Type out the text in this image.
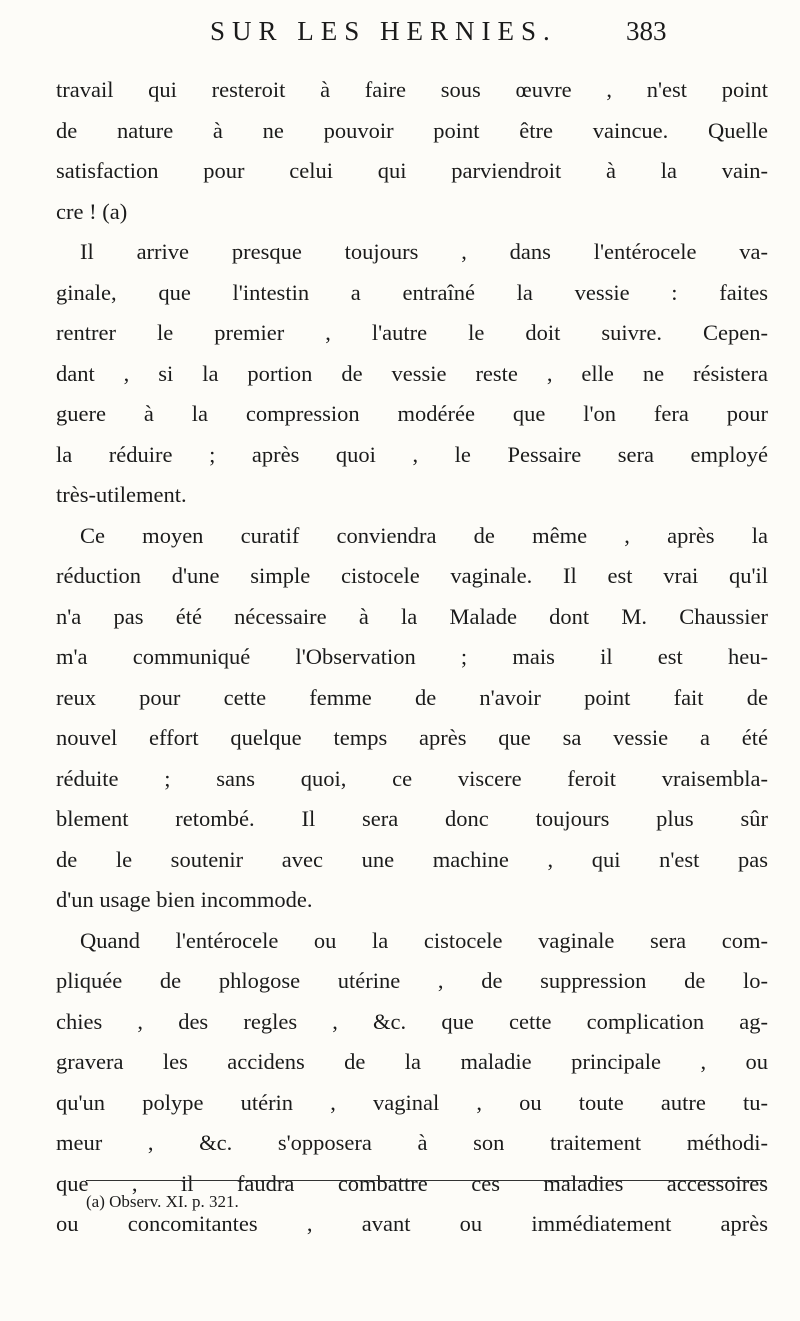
SUR LES HERNIES.	383
travail qui resteroit à faire sous œuvre , n'est point
de nature à ne pouvoir point être vaincue. Quelle
satisfaction pour celui qui parviendroit à la vain-
cre ! (a)
Il arrive presque toujours , dans l'entérocele va-
ginale, que l'intestin a entraîné la vessie : faites
rentrer le premier , l'autre le doit suivre. Cepen-
dant , si la portion de vessie reste , elle ne résistera
guere à la compression modérée que l'on fera pour
la réduire ; après quoi , le Pessaire sera employé
très-utilement.
Ce moyen curatif conviendra de même , après la
réduction d'une simple cistocele vaginale. Il est vrai qu'il
n'a pas été nécessaire à la Malade dont M. Chaussier
m'a communiqué l'Observation ; mais il est heu-
reux pour cette femme de n'avoir point fait de
nouvel effort quelque temps après que sa vessie a été
réduite ; sans quoi, ce viscere feroit vraisembla-
blement retombé. Il sera donc toujours plus sûr
de le soutenir avec une machine , qui n'est pas
d'un usage bien incommode.
Quand l'entérocele ou la cistocele vaginale sera com-
pliquée de phlogose utérine , de suppression de lo-
chies , des regles , &c. que cette complication ag-
gravera les accidens de la maladie principale , ou
qu'un polype utérin , vaginal , ou toute autre tu-
meur , &c. s'opposera à son traitement méthodi-
que , il faudra combattre ces maladies accessoires
ou concomitantes , avant ou immédiatement après
(a) Observ. XI. p. 321.
